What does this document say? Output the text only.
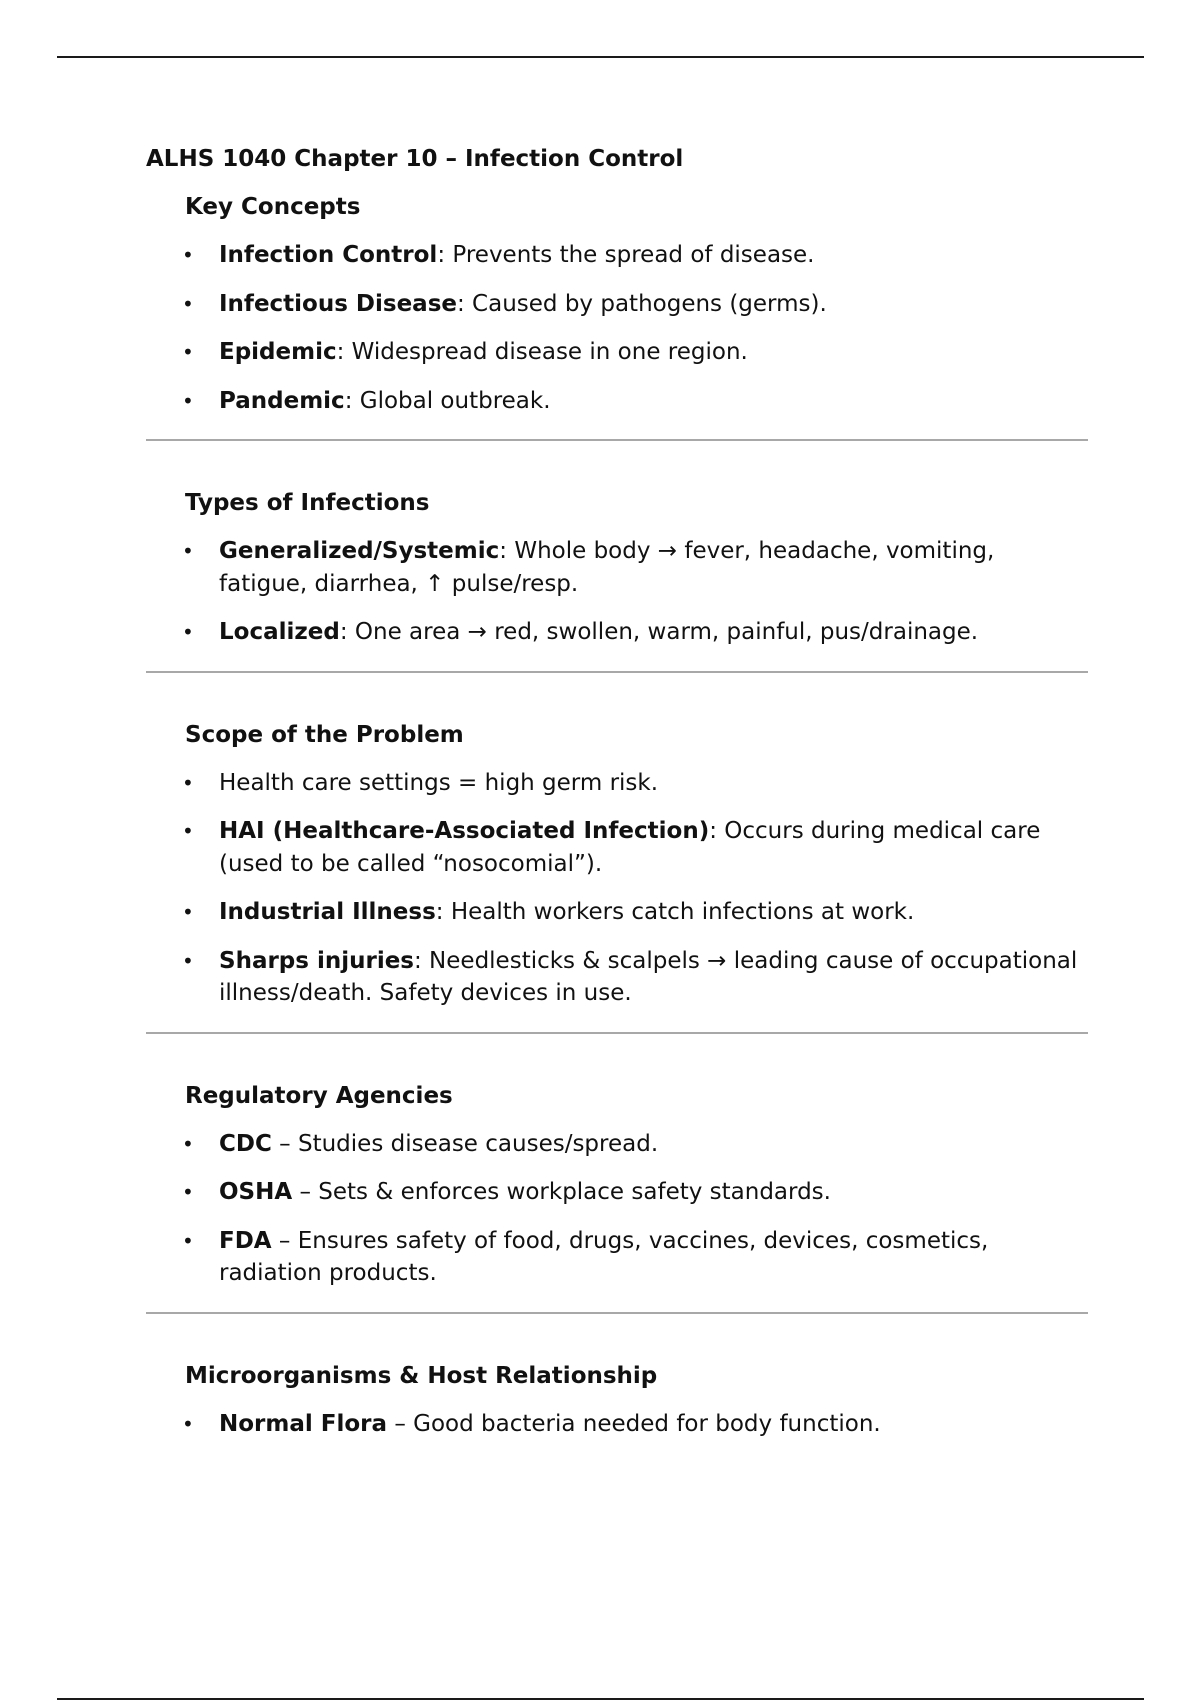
ALHS 1040 Chapter 10 – Infection Control
Key Concepts
• Infection Control: Prevents the spread of disease.
• Infectious Disease: Caused by pathogens (germs).
• Epidemic: Widespread disease in one region.
• Pandemic: Global outbreak.
Types of Infections
• Generalized/Systemic: Whole body → fever, headache, vomiting, fatigue, diarrhea, ↑ pulse/resp.
• Localized: One area → red, swollen, warm, painful, pus/drainage.
Scope of the Problem
• Health care settings = high germ risk.
• HAI (Healthcare-Associated Infection): Occurs during medical care (used to be called “nosocomial”).
• Industrial Illness: Health workers catch infections at work.
• Sharps injuries: Needlesticks & scalpels → leading cause of occupational illness/death. Safety devices in use.
Regulatory Agencies
• CDC – Studies disease causes/spread.
• OSHA – Sets & enforces workplace safety standards.
• FDA – Ensures safety of food, drugs, vaccines, devices, cosmetics, radiation products.
Microorganisms & Host Relationship
• Normal Flora – Good bacteria needed for body function.
